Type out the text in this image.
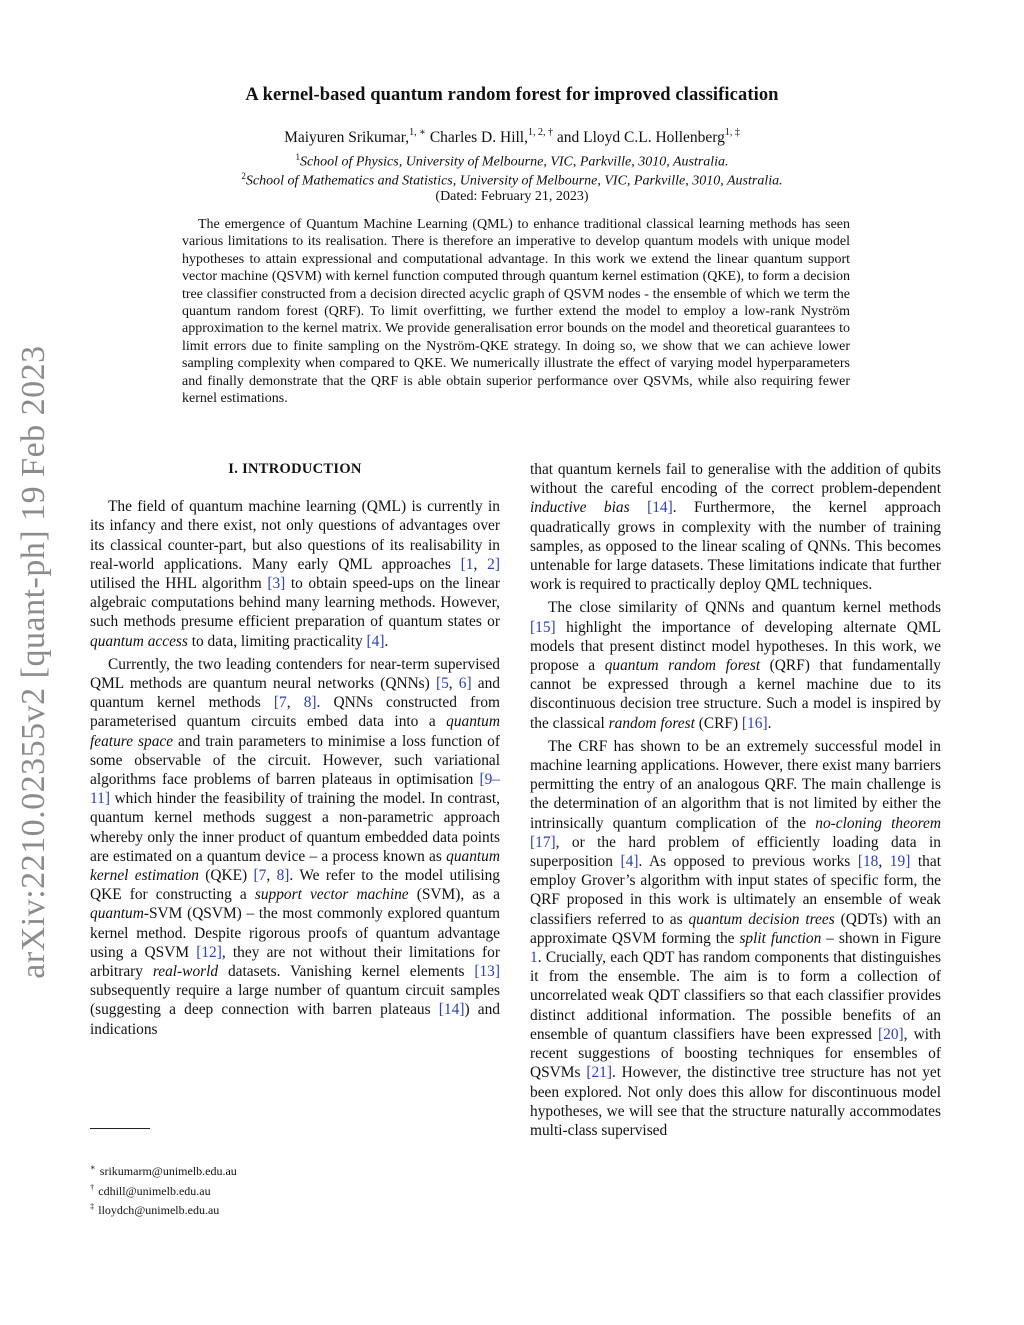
arXiv:2210.02355v2 [quant-ph] 19 Feb 2023
A kernel-based quantum random forest for improved classification
Maiyuren Srikumar,$^{1, ∗}$ Charles D. Hill,$^{1, 2, \dagger}$ and Lloyd C.L. Hollenberg$^{1, \ddagger}$
$^1$School of Physics, University of Melbourne, VIC, Parkville, 3010, Australia.
$^2$School of Mathematics and Statistics, University of Melbourne, VIC, Parkville, 3010, Australia.
(Dated: February 21, 2023)

The emergence of Quantum Machine Learning (QML) to enhance traditional classical learning methods has seen various limitations to its realisation. There is therefore an imperative to develop quantum models with unique model hypotheses to attain expressional and computational advantage. In this work we extend the linear quantum support vector machine (QSVM) with kernel function computed through quantum kernel estimation (QKE), to form a decision tree classifier constructed from a decision directed acyclic graph of QSVM nodes - the ensemble of which we term the quantum random forest (QRF). To limit overfitting, we further extend the model to employ a low-rank Nyström approximation to the kernel matrix. We provide generalisation error bounds on the model and theoretical guarantees to limit errors due to finite sampling on the Nyström-QKE strategy. In doing so, we show that we can achieve lower sampling complexity when compared to QKE. We numerically illustrate the effect of varying model hyperparameters and finally demonstrate that the QRF is able obtain superior performance over QSVMs, while also requiring fewer kernel estimations.

I. INTRODUCTION

The field of quantum machine learning (QML) is currently in its infancy and there exist, not only questions of advantages over its classical counter-part, but also questions of its realisability in real-world applications. Many early QML approaches [1, 2] utilised the HHL algorithm [3] to obtain speed-ups on the linear algebraic computations behind many learning methods. However, such methods presume efficient preparation of quantum states or quantum access to data, limiting practicality [4].

Currently, the two leading contenders for near-term supervised QML methods are quantum neural networks (QNNs) [5, 6] and quantum kernel methods [7, 8]. QNNs constructed from parameterised quantum circuits embed data into a quantum feature space and train parameters to minimise a loss function of some observable of the circuit. However, such variational algorithms face problems of barren plateaus in optimisation [9–11] which hinder the feasibility of training the model. In contrast, quantum kernel methods suggest a non-parametric approach whereby only the inner product of quantum embedded data points are estimated on a quantum device – a process known as quantum kernel estimation (QKE) [7, 8]. We refer to the model utilising QKE for constructing a support vector machine (SVM), as a quantum-SVM (QSVM) – the most commonly explored quantum kernel method. Despite rigorous proofs of quantum advantage using a QSVM [12], they are not without their limitations for arbitrary real-world datasets. Vanishing kernel elements [13] subsequently require a large number of quantum circuit samples (suggesting a deep connection with barren plateaus [14]) and indications

that quantum kernels fail to generalise with the addition of qubits without the careful encoding of the correct problem-dependent inductive bias [14]. Furthermore, the kernel approach quadratically grows in complexity with the number of training samples, as opposed to the linear scaling of QNNs. This becomes untenable for large datasets. These limitations indicate that further work is required to practically deploy QML techniques.

The close similarity of QNNs and quantum kernel methods [15] highlight the importance of developing alternate QML models that present distinct model hypotheses. In this work, we propose a quantum random forest (QRF) that fundamentally cannot be expressed through a kernel machine due to its discontinuous decision tree structure. Such a model is inspired by the classical random forest (CRF) [16].

The CRF has shown to be an extremely successful model in machine learning applications. However, there exist many barriers permitting the entry of an analogous QRF. The main challenge is the determination of an algorithm that is not limited by either the intrinsically quantum complication of the no-cloning theorem [17], or the hard problem of efficiently loading data in superposition [4]. As opposed to previous works [18, 19] that employ Grover’s algorithm with input states of specific form, the QRF proposed in this work is ultimately an ensemble of weak classifiers referred to as quantum decision trees (QDTs) with an approximate QSVM forming the split function – shown in Figure 1. Crucially, each QDT has random components that distinguishes it from the ensemble. The aim is to form a collection of uncorrelated weak QDT classifiers so that each classifier provides distinct additional information. The possible benefits of an ensemble of quantum classifiers have been expressed [20], with recent suggestions of boosting techniques for ensembles of QSVMs [21]. However, the distinctive tree structure has not yet been explored. Not only does this allow for discontinuous model hypotheses, we will see that the structure naturally accommodates multi-class supervised

∗ srikumarm@unimelb.edu.au
† cdhill@unimelb.edu.au
‡ lloydch@unimelb.edu.au
